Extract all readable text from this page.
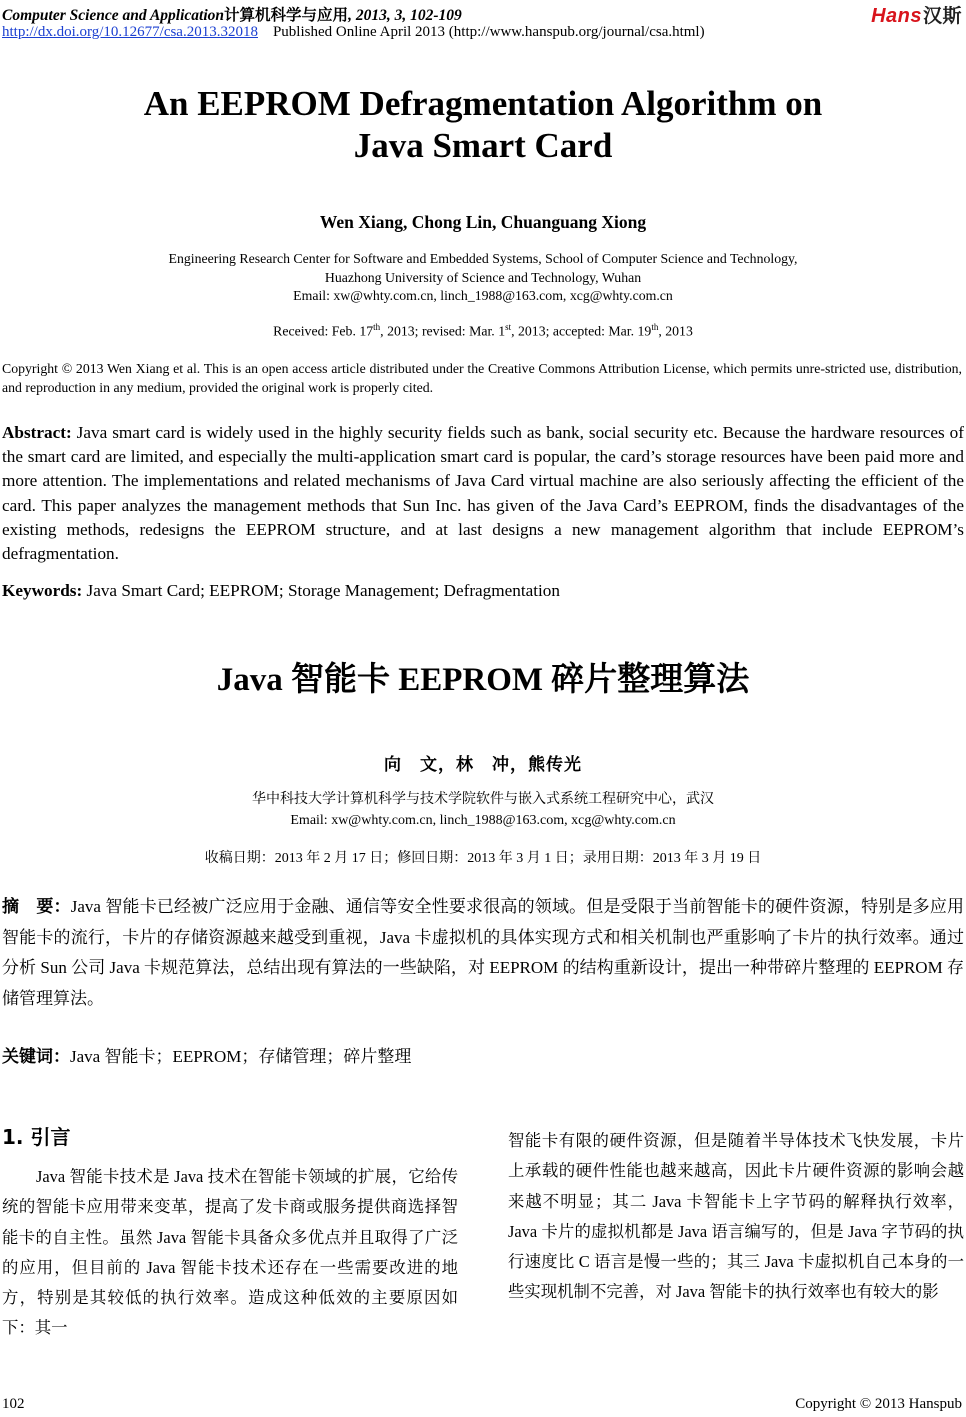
Computer Science and Application计算机科学与应用, 2013, 3, 102-109
http://dx.doi.org/10.12677/csa.2013.32018 Published Online April 2013 (http://www.hanspub.org/journal/csa.html)
Hans汉斯
An EEPROM Defragmentation Algorithm on
Java Smart Card
Wen Xiang, Chong Lin, Chuanguang Xiong
Engineering Research Center for Software and Embedded Systems, School of Computer Science and Technology,
Huazhong University of Science and Technology, Wuhan
Email: xw@whty.com.cn, linch_1988@163.com, xcg@whty.com.cn
Received: Feb. 17th, 2013; revised: Mar. 1st, 2013; accepted: Mar. 19th, 2013
Copyright © 2013 Wen Xiang et al. This is an open access article distributed under the Creative Commons Attribution License, which permits unre-stricted use, distribution, and reproduction in any medium, provided the original work is properly cited.
Abstract: Java smart card is widely used in the highly security fields such as bank, social security etc. Because the hardware resources of the smart card are limited, and especially the multi-application smart card is popular, the card’s storage resources have been paid more and more attention. The implementations and related mechanisms of Java Card virtual machine are also seriously affecting the efficient of the card. This paper analyzes the management methods that Sun Inc. has given of the Java Card’s EEPROM, finds the disadvantages of the existing methods, redesigns the EEPROM structure, and at last designs a new management algorithm that include EEPROM’s defragmentation.
Keywords: Java Smart Card; EEPROM; Storage Management; Defragmentation
Java 智能卡 EEPROM 碎片整理算法
向　文，林　冲，熊传光
华中科技大学计算机科学与技术学院软件与嵌入式系统工程研究中心，武汉
Email: xw@whty.com.cn, linch_1988@163.com, xcg@whty.com.cn
收稿日期：2013 年 2 月 17 日；修回日期：2013 年 3 月 1 日；录用日期：2013 年 3 月 19 日
摘　要：Java 智能卡已经被广泛应用于金融、通信等安全性要求很高的领域。但是受限于当前智能卡的硬件资源，特别是多应用智能卡的流行，卡片的存储资源越来越受到重视，Java 卡虚拟机的具体实现方式和相关机制也严重影响了卡片的执行效率。通过分析 Sun 公司 Java 卡规范算法，总结出现有算法的一些缺陷，对 EEPROM 的结构重新设计，提出一种带碎片整理的 EEPROM 存储管理算法。
关键词：Java 智能卡；EEPROM；存储管理；碎片整理
1. 引言

Java 智能卡技术是 Java 技术在智能卡领域的扩展，它给传统的智能卡应用带来变革，提高了发卡商或服务提供商选择智能卡的自主性。虽然 Java 智能卡具备众多优点并且取得了广泛的应用，但目前的 Java 智能卡技术还存在一些需要改进的地方，特别是其较低的执行效率。造成这种低效的主要原因如下：其一

智能卡有限的硬件资源，但是随着半导体技术飞快发展，卡片上承载的硬件性能也越来越高，因此卡片硬件资源的影响会越来越不明显；其二 Java 卡智能卡上字节码的解释执行效率，Java 卡片的虚拟机都是 Java 语言编写的，但是 Java 字节码的执行速度比 C 语言是慢一些的；其三 Java 卡虚拟机自己本身的一些实现机制不完善，对 Java 智能卡的执行效率也有较大的影

102	Copyright © 2013 Hanspub
